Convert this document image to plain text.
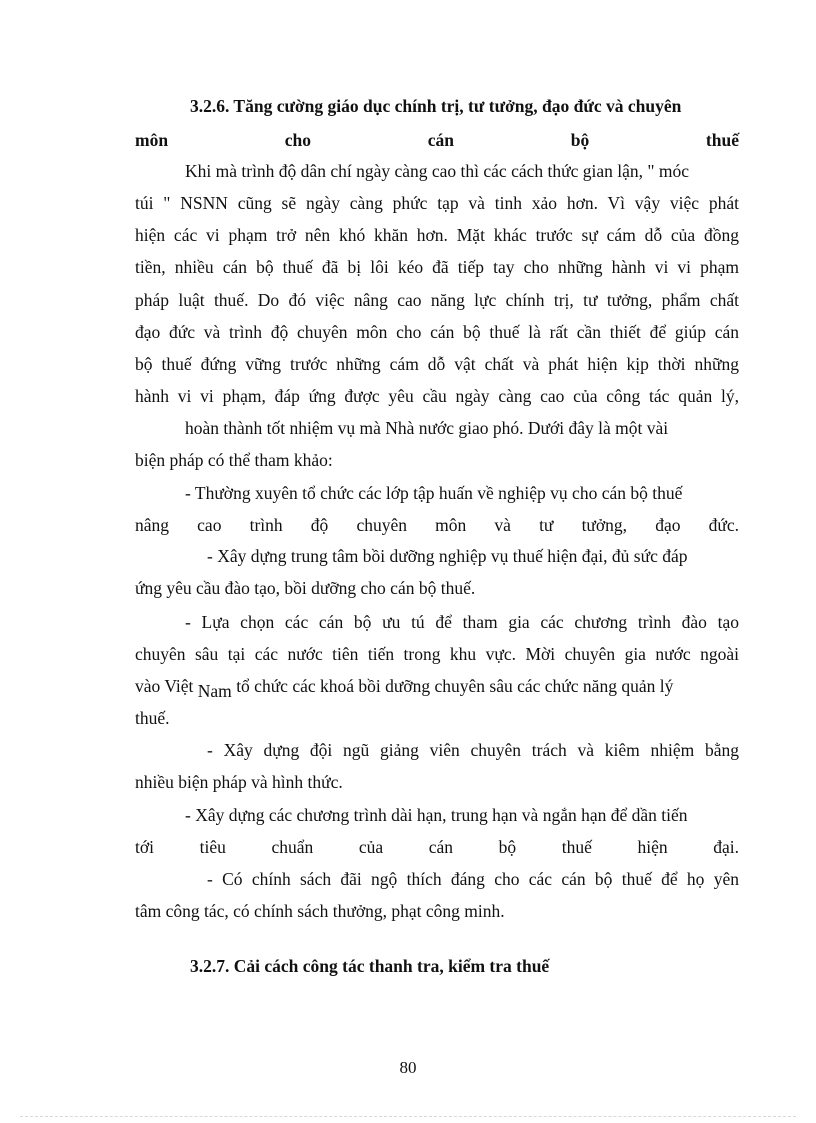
3.2.6. Tăng cường giáo dục chính trị, tư tưởng, đạo đức và chuyên
môn cho cán bộ thuế
Khi mà trình độ dân chí ngày càng cao thì các cách thức gian lận, " móc
túi " NSNN cũng sẽ ngày càng phức tạp và tinh xảo hơn. Vì vậy việc phát
hiện các vi phạm trở nên khó khăn hơn. Mặt khác trước sự cám dỗ của đồng
tiền, nhiều cán bộ thuế đã bị lôi kéo đã tiếp tay cho những hành vi vi phạm
pháp luật thuế. Do đó việc nâng cao năng lực chính trị, tư tưởng, phẩm chất
đạo đức và trình độ chuyên môn cho cán bộ thuế là rất cần thiết để giúp cán
bộ thuế đứng vững trước những cám dỗ vật chất và phát hiện kịp thời những
hành vi vi phạm, đáp ứng được yêu cầu ngày càng cao của công tác quản lý,
hoàn thành tốt nhiệm vụ mà Nhà nước giao phó. Dưới đây là một vài
biện pháp có thể tham khảo:
- Thường xuyên tổ chức các lớp tập huấn về nghiệp vụ cho cán bộ thuế
nâng cao trình độ chuyên môn và tư tưởng, đạo đức.
- Xây dựng trung tâm bồi dưỡng nghiệp vụ thuế hiện đại, đủ sức đáp
ứng yêu cầu đào tạo, bồi dưỡng cho cán bộ thuế.
- Lựa chọn các cán bộ ưu tú để tham gia các chương trình đào tạo
chuyên sâu tại các nước tiên tiến trong khu vực. Mời chuyên gia nước ngoài
vào Việt Nam tổ chức các khoá bồi dưỡng chuyên sâu các chức năng quản lý
thuế.
- Xây dựng đội ngũ giảng viên chuyên trách và kiêm nhiệm bằng
nhiều biện pháp và hình thức.
- Xây dựng các chương trình dài hạn, trung hạn và ngắn hạn để dần tiến
tới tiêu chuẩn của cán bộ thuế hiện đại.
- Có chính sách đãi ngộ thích đáng cho các cán bộ thuế để họ yên
tâm công tác, có chính sách thưởng, phạt công minh.
3.2.7. Cải cách công tác thanh tra, kiểm tra thuế
80
